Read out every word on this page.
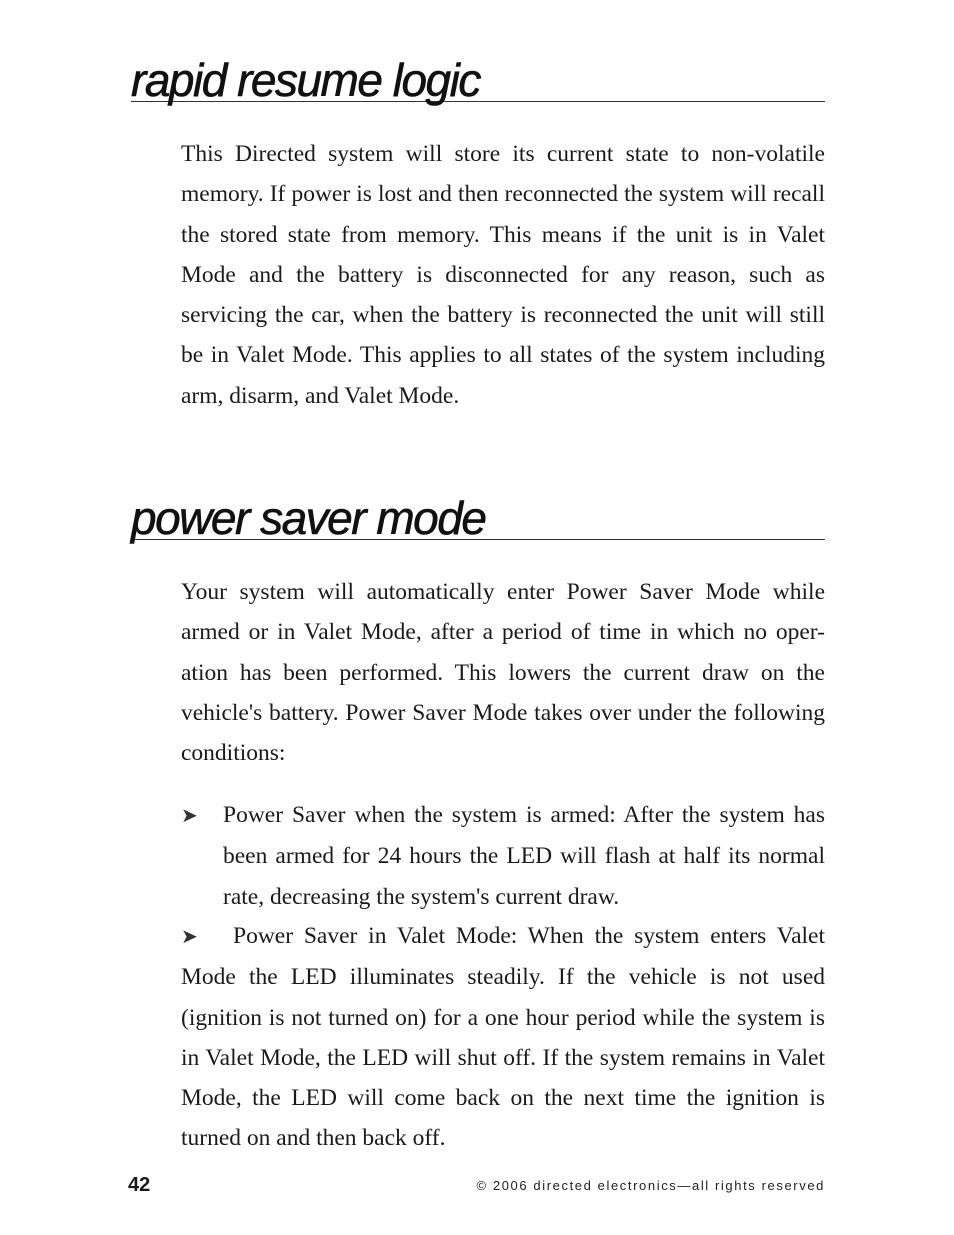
rapid resume logic

This Directed system will store its current state to non-volatile memory. If power is lost and then reconnected the system will recall the stored state from memory. This means if the unit is in Valet Mode and the battery is disconnected for any reason, such as servicing the car, when the battery is reconnected the unit will still be in Valet Mode. This applies to all states of the system including arm, disarm, and Valet Mode.

power saver mode

Your system will automatically enter Power Saver Mode while armed or in Valet Mode, after a period of time in which no oper-ation has been performed. This lowers the current draw on the vehicle's battery. Power Saver Mode takes over under the following conditions:

➤ Power Saver when the system is armed: After the system has been armed for 24 hours the LED will flash at half its normal rate, decreasing the system's current draw.

➤ Power Saver in Valet Mode: When the system enters Valet Mode the LED illuminates steadily. If the vehicle is not used (ignition is not turned on) for a one hour period while the system is in Valet Mode, the LED will shut off. If the system remains in Valet Mode, the LED will come back on the next time the ignition is turned on and then back off.

42	© 2006 directed electronics—all rights reserved
